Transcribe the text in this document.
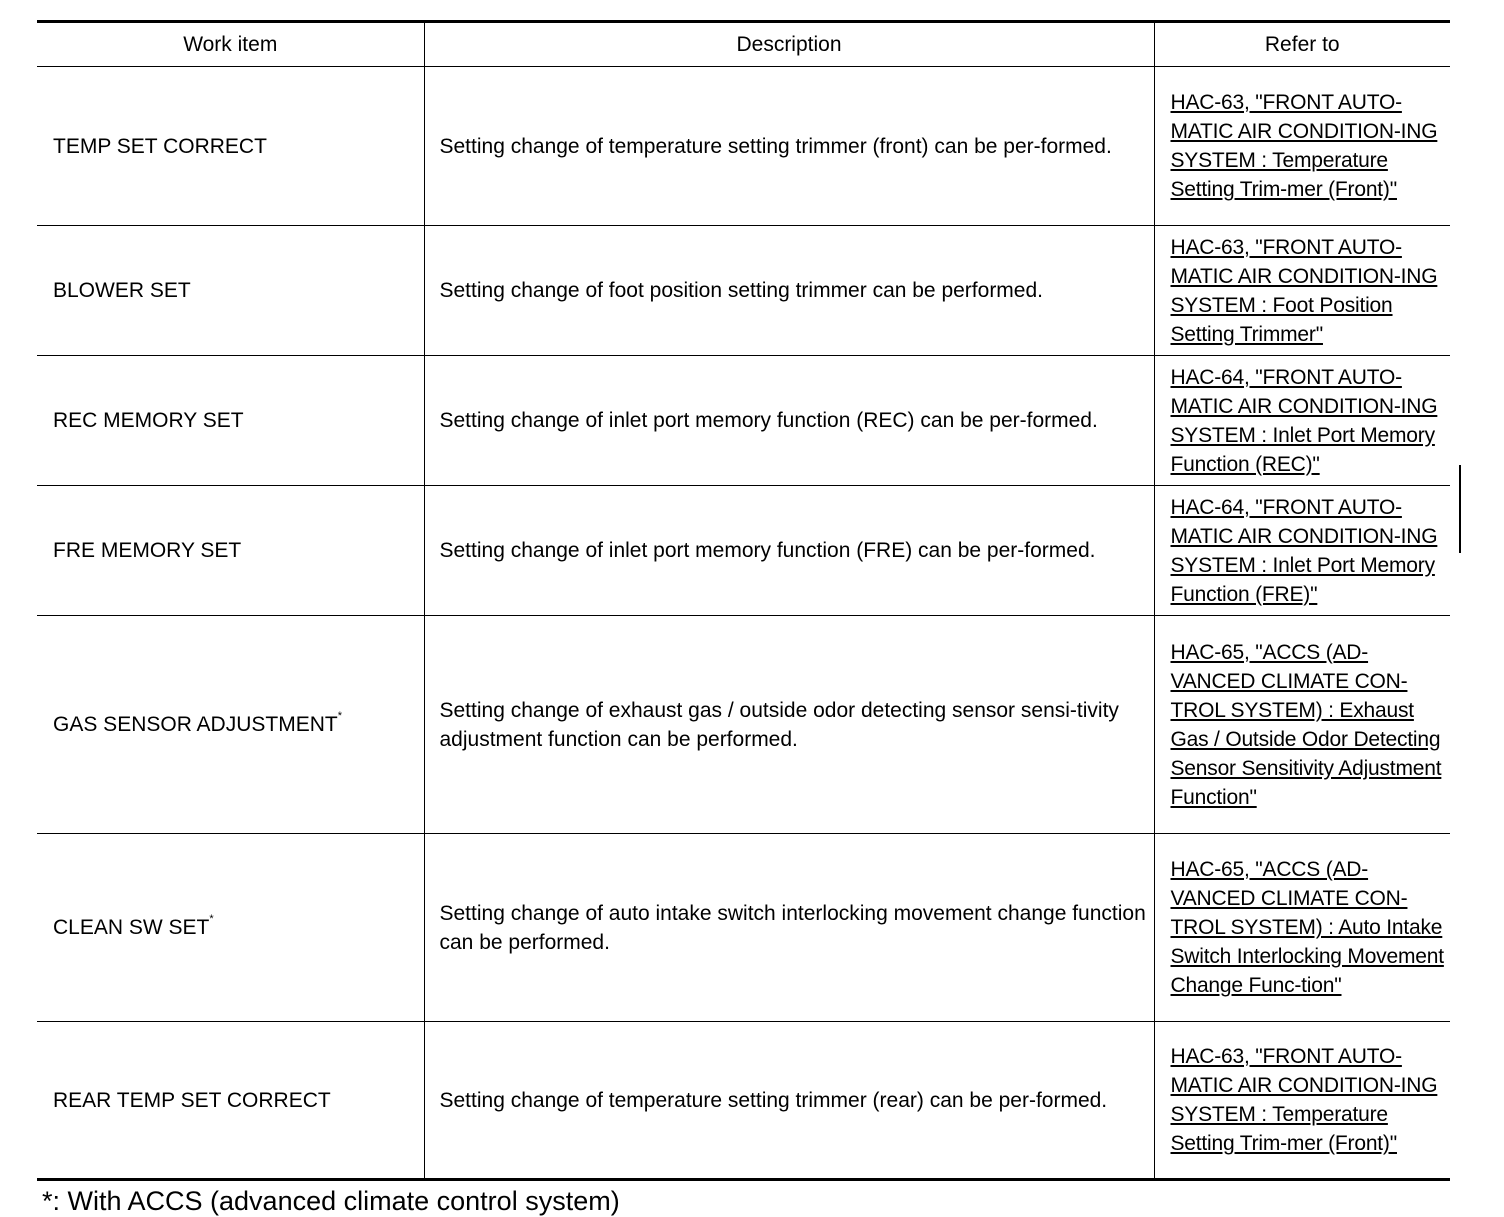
Work item	Description	Refer to
TEMP SET CORRECT	Setting change of temperature setting trimmer (front) can be per-formed.	HAC-63, "FRONT AUTO-MATIC AIR CONDITION-ING SYSTEM : Temperature Setting Trim-mer (Front)"

BLOWER SET	Setting change of foot position setting trimmer can be performed.	HAC-63, "FRONT AUTO-MATIC AIR CONDITION-ING SYSTEM : Foot Position Setting Trimmer"

REC MEMORY SET	Setting change of inlet port memory function (REC) can be per-formed.	HAC-64, "FRONT AUTO-MATIC AIR CONDITION-ING SYSTEM : Inlet Port Memory Function (REC)"

FRE MEMORY SET	Setting change of inlet port memory function (FRE) can be per-formed.	HAC-64, "FRONT AUTO-MATIC AIR CONDITION-ING SYSTEM : Inlet Port Memory Function (FRE)"

GAS SENSOR ADJUSTMENT*	Setting change of exhaust gas / outside odor detecting sensor sensi-tivity adjustment function can be performed.	HAC-65, "ACCS (AD-VANCED CLIMATE CON-TROL SYSTEM) : Exhaust Gas / Outside Odor Detecting Sensor Sensitivity Adjustment Function"

CLEAN SW SET*	Setting change of auto intake switch interlocking movement change function can be performed.	HAC-65, "ACCS (AD-VANCED CLIMATE CON-TROL SYSTEM) : Auto Intake Switch Interlocking Movement Change Func-tion"

REAR TEMP SET CORRECT	Setting change of temperature setting trimmer (rear) can be per-formed.	HAC-63, "FRONT AUTO-MATIC AIR CONDITION-ING SYSTEM : Temperature Setting Trim-mer (Front)"
*: With ACCS (advanced climate control system)
